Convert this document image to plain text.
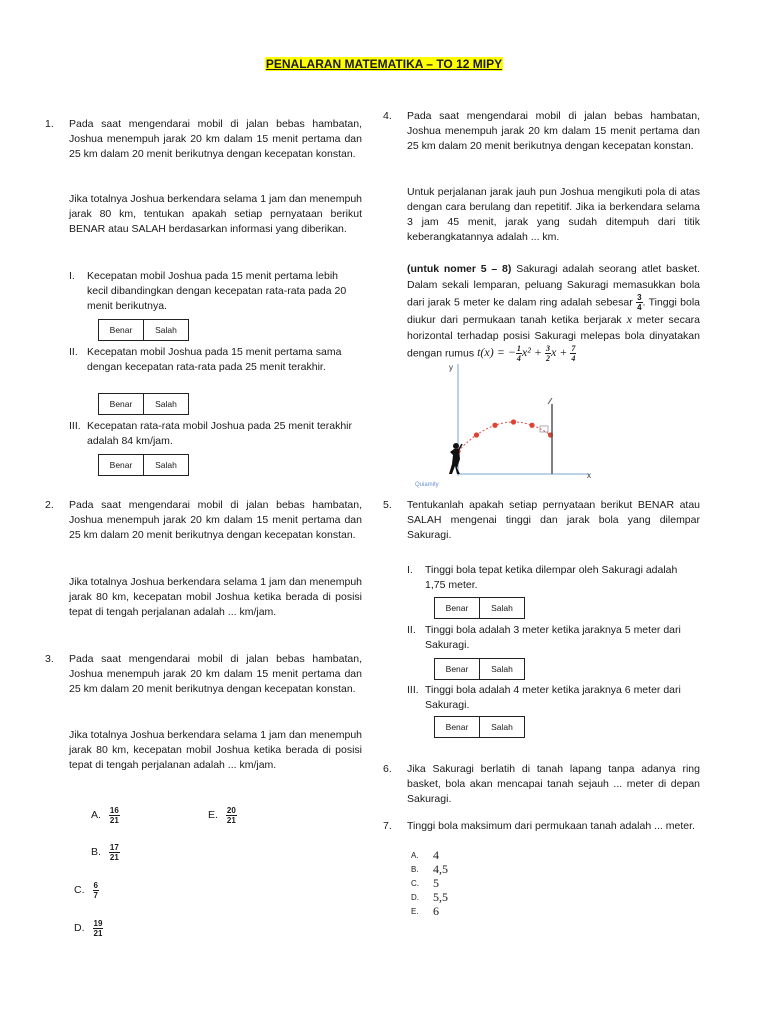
PENALARAN MATEMATIKA – TO 12 MIPY
1. Pada saat mengendarai mobil di jalan bebas hambatan, Joshua menempuh jarak 20 km dalam 15 menit pertama dan 25 km dalam 20 menit berikutnya dengan kecepatan konstan.
Jika totalnya Joshua berkendara selama 1 jam dan menempuh jarak 80 km, tentukan apakah setiap pernyataan berikut BENAR atau SALAH berdasarkan informasi yang diberikan.
I. Kecepatan mobil Joshua pada 15 menit pertama lebih kecil dibandingkan dengan kecepatan rata-rata pada 20 menit berikutnya.
Benar	Salah
II. Kecepatan mobil Joshua pada 15 menit pertama sama dengan kecepatan rata-rata pada 25 menit terakhir.
Benar	Salah
III. Kecepatan rata-rata mobil Joshua pada 25 menit terakhir adalah 84 km/jam.
Benar	Salah
2. Pada saat mengendarai mobil di jalan bebas hambatan, Joshua menempuh jarak 20 km dalam 15 menit pertama dan 25 km dalam 20 menit berikutnya dengan kecepatan konstan.
Jika totalnya Joshua berkendara selama 1 jam dan menempuh jarak 80 km, kecepatan mobil Joshua ketika berada di posisi tepat di tengah perjalanan adalah ... km/jam.
3. Pada saat mengendarai mobil di jalan bebas hambatan, Joshua menempuh jarak 20 km dalam 15 menit pertama dan 25 km dalam 20 menit berikutnya dengan kecepatan konstan.
Jika totalnya Joshua berkendara selama 1 jam dan menempuh jarak 80 km, kecepatan mobil Joshua ketika berada di posisi tepat di tengah perjalanan adalah ... km/jam.
A. $\frac{16}{21}$
B. $\frac{17}{21}$
C. $\frac{6}{7}$
D. $\frac{19}{21}$
E. $\frac{20}{21}$
4. Pada saat mengendarai mobil di jalan bebas hambatan, Joshua menempuh jarak 20 km dalam 15 menit pertama dan 25 km dalam 20 menit berikutnya dengan kecepatan konstan.
Untuk perjalanan jarak jauh pun Joshua mengikuti pola di atas dengan cara berulang dan repetitif. Jika ia berkendara selama 3 jam 45 menit, jarak yang sudah ditempuh dari titik keberangkatannya adalah ... km.
(untuk nomer 5 – 8) Sakuragi adalah seorang atlet basket. Dalam sekali lemparan, peluang Sakuragi memasukkan bola dari jarak 5 meter ke dalam ring adalah sebesar $\frac{3}{4}$ . Tinggi bola diukur dari permukaan tanah ketika berjarak x meter secara horizontal terhadap posisi Sakuragi melepas bola dinyatakan dengan rumus t(x) = − $\frac{1}{4} x^2 + \frac{3}{2}$ $x + \frac{7}{4}$
y
x
Quiamity
5. Tentukanlah apakah setiap pernyataan berikut BENAR atau SALAH mengenai tinggi dan jarak bola yang dilempar Sakuragi.
I. Tinggi bola tepat ketika dilempar oleh Sakuragi adalah 1,75 meter.
Benar	Salah
II. Tinggi bola adalah 3 meter ketika jaraknya 5 meter dari Sakuragi.
Benar	Salah
III. Tinggi bola adalah 4 meter ketika jaraknya 6 meter dari Sakuragi.
Benar	Salah
6. Jika Sakuragi berlatih di tanah lapang tanpa adanya ring basket, bola akan mencapai tanah sejauh ... meter di depan Sakuragi.
7. Tinggi bola maksimum dari permukaan tanah adalah ... meter.
A.	4
B.	4,5
C.	5
D.	5,5
E.	6
